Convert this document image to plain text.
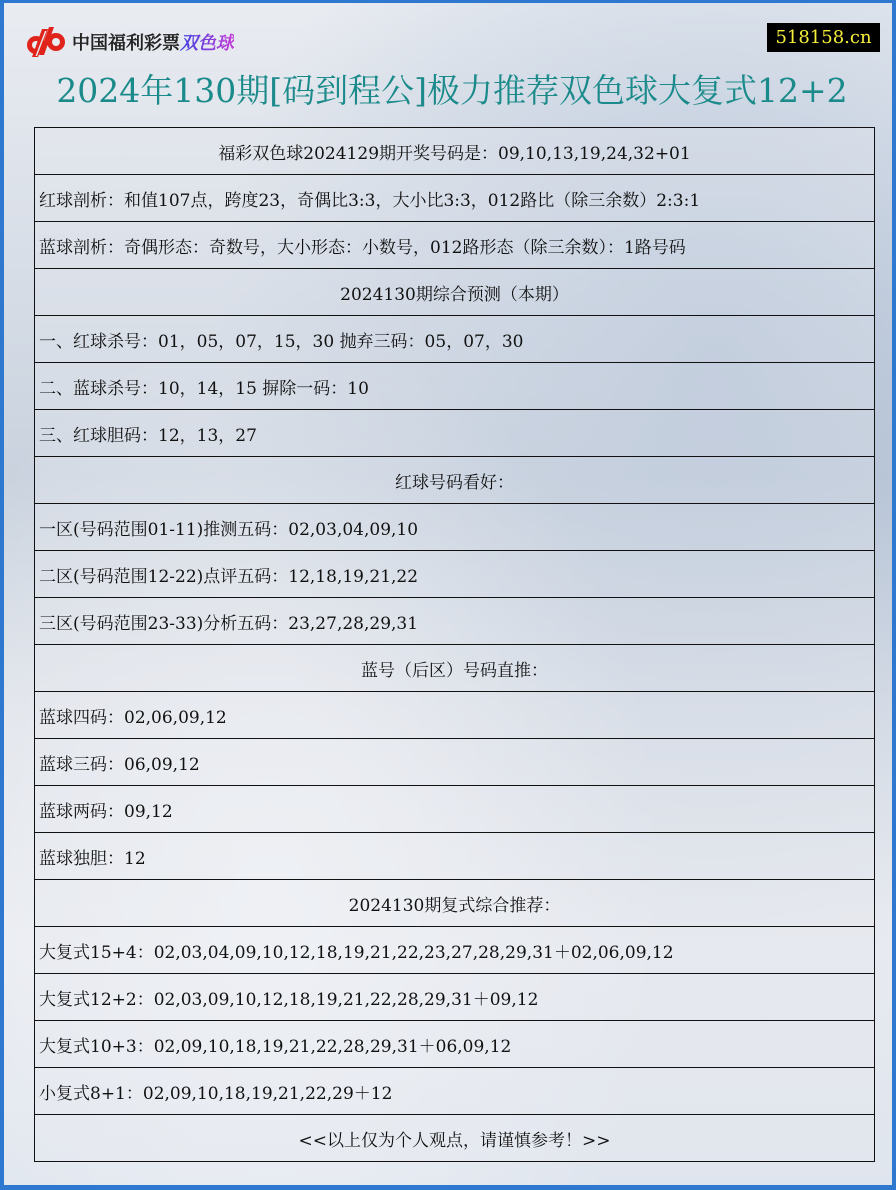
中国福利彩票 双色球	518158.cn
2024年130期[码到程公]极力推荐双色球大复式12+2
福彩双色球2024129期开奖号码是：09,10,13,19,24,32+01
红球剖析：和值107点，跨度23，奇偶比3:3，大小比3:3，012路比（除三余数）2:3:1
蓝球剖析：奇偶形态：奇数号，大小形态：小数号，012路形态（除三余数）：1路号码
2024130期综合预测（本期）
一、红球杀号：01，05，07，15，30 抛弃三码：05，07，30
二、蓝球杀号：10，14，15 摒除一码：10
三、红球胆码：12，13，27
红球号码看好：
一区(号码范围01-11)推测五码：02,03,04,09,10
二区(号码范围12-22)点评五码：12,18,19,21,22
三区(号码范围23-33)分析五码：23,27,28,29,31
蓝号（后区）号码直推：
蓝球四码：02,06,09,12
蓝球三码：06,09,12
蓝球两码：09,12
蓝球独胆：12
2024130期复式综合推荐：
大复式15+4：02,03,04,09,10,12,18,19,21,22,23,27,28,29,31＋02,06,09,12
大复式12+2：02,03,09,10,12,18,19,21,22,28,29,31＋09,12
大复式10+3：02,09,10,18,19,21,22,28,29,31＋06,09,12
小复式8+1：02,09,10,18,19,21,22,29＋12
<<以上仅为个人观点，请谨慎参考！>>
